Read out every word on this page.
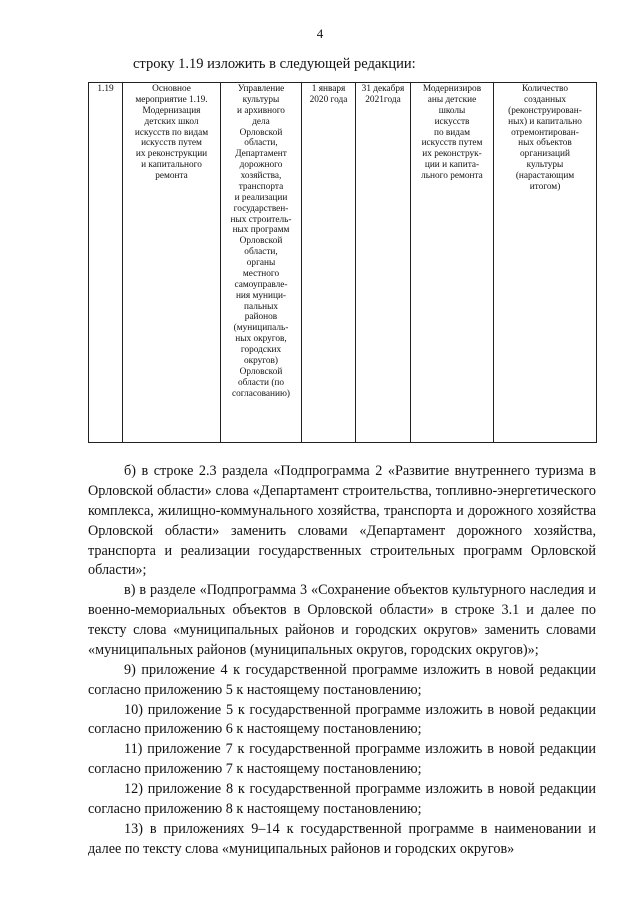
4
строку 1.19 изложить в следующей редакции:
1.19	Основное
мероприятие 1.19.
Модернизация
детских школ
искусств по видам
искусств путем
их реконструкции
и капитального
ремонта	Управление
культуры
и архивного
дела
Орловской
области,
Департамент
дорожного
хозяйства,
транспорта
и реализации
государствен-
ных строитель-
ных программ
Орловской
области,
органы
местного
самоуправле-
ния муници-
пальных
районов
(муниципаль-
ных округов,
городских
округов)
Орловской
области (по
согласованию)	1 января
2020 года	31 декабря
2021года	Модернизиров
аны детские
школы
искусств
по видам
искусств путем
их реконструк-
ции и капита-
льного ремонта	Количество
созданных
(реконструирован-
ных) и капитально
отремонтирован-
ных объектов
организаций
культуры
(нарастающим
итогом)

б) в строке 2.3 раздела «Подпрограмма 2 «Развитие внутреннего туризма в Орловской области» слова «Департамент строительства, топливно-энергетического комплекса, жилищно-коммунального хозяйства, транспорта и дорожного хозяйства Орловской области» заменить словами «Департамент дорожного хозяйства, транспорта и реализации государственных строительных программ Орловской области»;

в) в разделе «Подпрограмма 3 «Сохранение объектов культурного наследия и военно-мемориальных объектов в Орловской области» в строке 3.1 и далее по тексту слова «муниципальных районов и городских округов» заменить словами «муниципальных районов (муниципальных округов, городских округов)»;

9) приложение 4 к государственной программе изложить в новой редакции согласно приложению 5 к настоящему постановлению;

10) приложение 5 к государственной программе изложить в новой редакции согласно приложению 6 к настоящему постановлению;

11) приложение 7 к государственной программе изложить в новой редакции согласно приложению 7 к настоящему постановлению;

12) приложение 8 к государственной программе изложить в новой редакции согласно приложению 8 к настоящему постановлению;

13) в приложениях 9–14 к государственной программе в наименовании и далее по тексту слова «муниципальных районов и городских округов»
